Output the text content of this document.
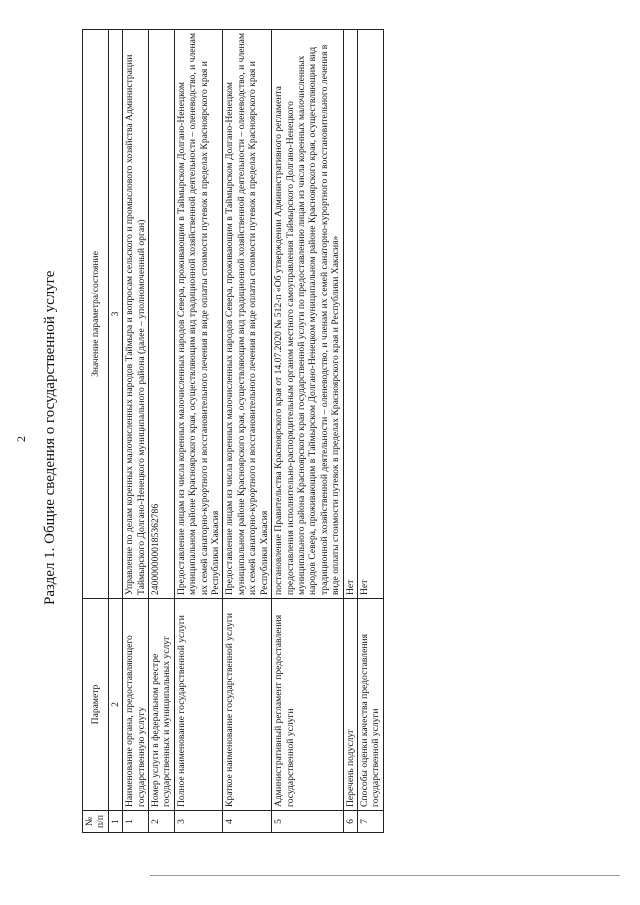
2 Раздел 1. Общие сведения о государственной услуге
№ п/п	Параметр	Значение параметра/состояние
1	2	3
1	Наименование органа, предоставляющего государственную услугу	Управление по делам коренных малочисленных народов Таймыра и вопросам сельского и промыслового хозяйства Администрации Таймырского Долгано-Ненецкого муниципального района (далее – уполномоченный орган)
2	Номер услуги в федеральном реестре государственных и муниципальных услуг	2400000000185362786
3	Полное наименование государственной услуги	Предоставление лицам из числа коренных малочисленных народов Севера, проживающим в Таймырском Долгано-Ненецком муниципальном районе Красноярского края, осуществляющим вид традиционной хозяйственной деятельности – оленеводство, и членам их семей санаторно-курортного и восстановительного лечения в виде оплаты стоимости путевок в пределах Красноярского края и Республики Хакасия
4	Краткое наименование государственной услуги	Предоставление лицам из числа коренных малочисленных народов Севера, проживающим в Таймырском Долгано-Ненецком муниципальном районе Красноярского края, осуществляющим вид традиционной хозяйственной деятельности – оленеводство, и членам их семей санаторно-курортного и восстановительного лечения в виде оплаты стоимости путевок в пределах Красноярского края и Республики Хакасия
5	Административный регламент предоставления государственной услуги	постановление Правительства Красноярского края от 14.07.2020 № 512-п «Об утверждении Административного регламента предоставления исполнительно-распорядительным органом местного самоуправления Таймырского Долгано-Ненецкого муниципального района Красноярского края государственной услуги по предоставлению лицам из числа коренных малочисленных народов Севера, проживающим в Таймырском Долгано-Ненецком муниципальном районе Красноярского края, осуществляющим вид традиционной хозяйственной деятельности – оленеводство, и членам их семей санаторно-курортного и восстановительного лечения в виде оплаты стоимости путевок в пределах Красноярского края и Республики Хакасия»
6	Перечень подуслуг	Нет
7	Способы оценки качества предоставления государственной услуги	Нет
